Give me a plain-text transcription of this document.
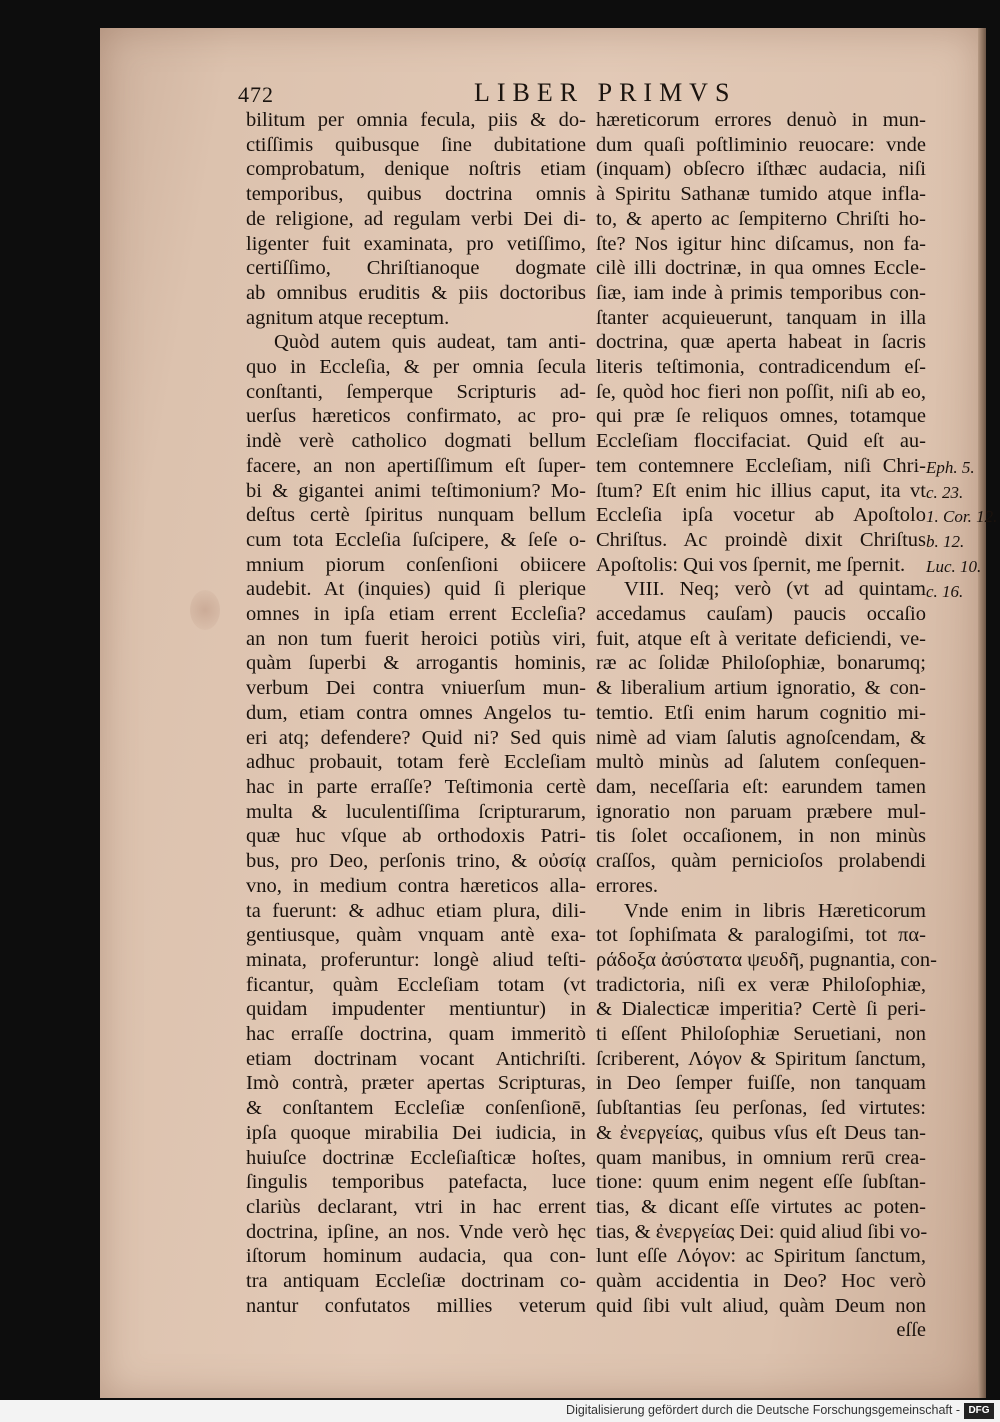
472	LIBER PRIMVS
bilitum per omnia fecula, piis & do-
ctiſſimis quibusque ſine dubitatione
comprobatum, denique noſtris etiam
temporibus, quibus doctrina omnis
de religione, ad regulam verbi Dei di-
ligenter fuit examinata, pro vetiſſimo,
certiſſimo, Chriſtianoque dogmate
ab omnibus eruditis & piis doctoribus
agnitum atque receptum.
Quòd autem quis audeat, tam anti-
quo in Eccleſia, & per omnia ſecula
conſtanti, ſemperque Scripturis ad-
uerſus hæreticos confirmato, ac pro-
indè verè catholico dogmati bellum
facere, an non apertiſſimum eſt ſuper-
bi & gigantei animi teſtimonium? Mo-
deſtus certè ſpiritus nunquam bellum
cum tota Eccleſia ſuſcipere, & ſeſe o-
mnium piorum conſenſioni obiicere
audebit. At (inquies) quid ſi plerique
omnes in ipſa etiam errent Eccleſia?
an non tum fuerit heroici potiùs viri,
quàm ſuperbi & arrogantis hominis,
verbum Dei contra vniuerſum mun-
dum, etiam contra omnes Angelos tu-
eri atq; defendere? Quid ni? Sed quis
adhuc probauit, totam ferè Eccleſiam
hac in parte erraſſe? Teſtimonia certè
multa & luculentiſſima ſcripturarum,
quæ huc vſque ab orthodoxis Patri-
bus, pro Deo, perſonis trino, & οὐσίᾳ
vno, in medium contra hæreticos alla-
ta fuerunt: & adhuc etiam plura, dili-
gentiusque, quàm vnquam antè exa-
minata, proferuntur: longè aliud teſti-
ficantur, quàm Eccleſiam totam (vt
quidam impudenter mentiuntur) in
hac erraſſe doctrina, quam immeritò
etiam doctrinam vocant Antichriſti.
Imò contrà, præter apertas Scripturas,
& conſtantem Eccleſiæ conſenſionē,
ipſa quoque mirabilia Dei iudicia, in
huiuſce doctrinæ Eccleſiaſticæ hoſtes,
ſingulis temporibus patefacta, luce
clariùs declarant, vtri in hac errent
doctrina, ipſine, an nos. Vnde verò hęc
iſtorum hominum audacia, qua con-
tra antiquam Eccleſiæ doctrinam co-
nantur confutatos millies veterum
hæreticorum errores denuò in mun-
dum quaſi poſtliminio reuocare: vnde
(inquam) obſecro iſthæc audacia, niſi
à Spiritu Sathanæ tumido atque infla-
to, & aperto ac ſempiterno Chriſti ho-
ſte? Nos igitur hinc diſcamus, non fa-
cilè illi doctrinæ, in qua omnes Eccle-
ſiæ, iam inde à primis temporibus con-
ſtanter acquieuerunt, tanquam in illa
doctrina, quæ aperta habeat in ſacris
literis teſtimonia, contradicendum eſ-
ſe, quòd hoc fieri non poſſit, niſi ab eo,
qui præ ſe reliquos omnes, totamque
Eccleſiam floccifaciat. Quid eſt au-
tem contemnere Eccleſiam, niſi Chri-
ſtum? Eſt enim hic illius caput, ita vt
Eccleſia ipſa vocetur ab Apoſtolo
Chriſtus. Ac proindè dixit Chriſtus
Apoſtolis: Qui vos ſpernit, me ſpernit.
VIII. Neq; verò (vt ad quintam
accedamus cauſam) paucis occaſio
fuit, atque eſt à veritate deficiendi, ve-
ræ ac ſolidæ Philoſophiæ, bonarumq;
& liberalium artium ignoratio, & con-
temtio. Etſi enim harum cognitio mi-
nimè ad viam ſalutis agnoſcendam, &
multò minùs ad ſalutem conſequen-
dam, neceſſaria eſt: earundem tamen
ignoratio non paruam præbere mul-
tis ſolet occaſionem, in non minùs
craſſos, quàm pernicioſos prolabendi
errores.
Vnde enim in libris Hæreticorum
tot ſophiſmata & paralogiſmi, tot πα-
ράδοξα ἀσύστατα ψευδῆ, pugnantia, con-
tradictoria, niſi ex veræ Philoſophiæ,
& Dialecticæ imperitia? Certè ſi peri-
ti eſſent Philoſophiæ Seruetiani, non
ſcriberent, Λόγον & Spiritum ſanctum,
in Deo ſemper fuiſſe, non tanquam
ſubſtantias ſeu perſonas, ſed virtutes:
& ἐνεργείας, quibus vſus eſt Deus tan-
quam manibus, in omnium rerū crea-
tione: quum enim negent eſſe ſubſtan-
tias, & dicant eſſe virtutes ac poten-
tias, & ἐνεργείας Dei: quid aliud ſibi vo-
lunt eſſe Λόγον: ac Spiritum ſanctum,
quàm accidentia in Deo? Hoc verò
quid ſibi vult aliud, quàm Deum non
eſſe
Eph. 5.
c. 23.
1. Cor. 12.
b. 12.
Luc. 10.
c. 16.
Digitalisierung gefördert durch die Deutsche Forschungsgemeinschaft - DFG
